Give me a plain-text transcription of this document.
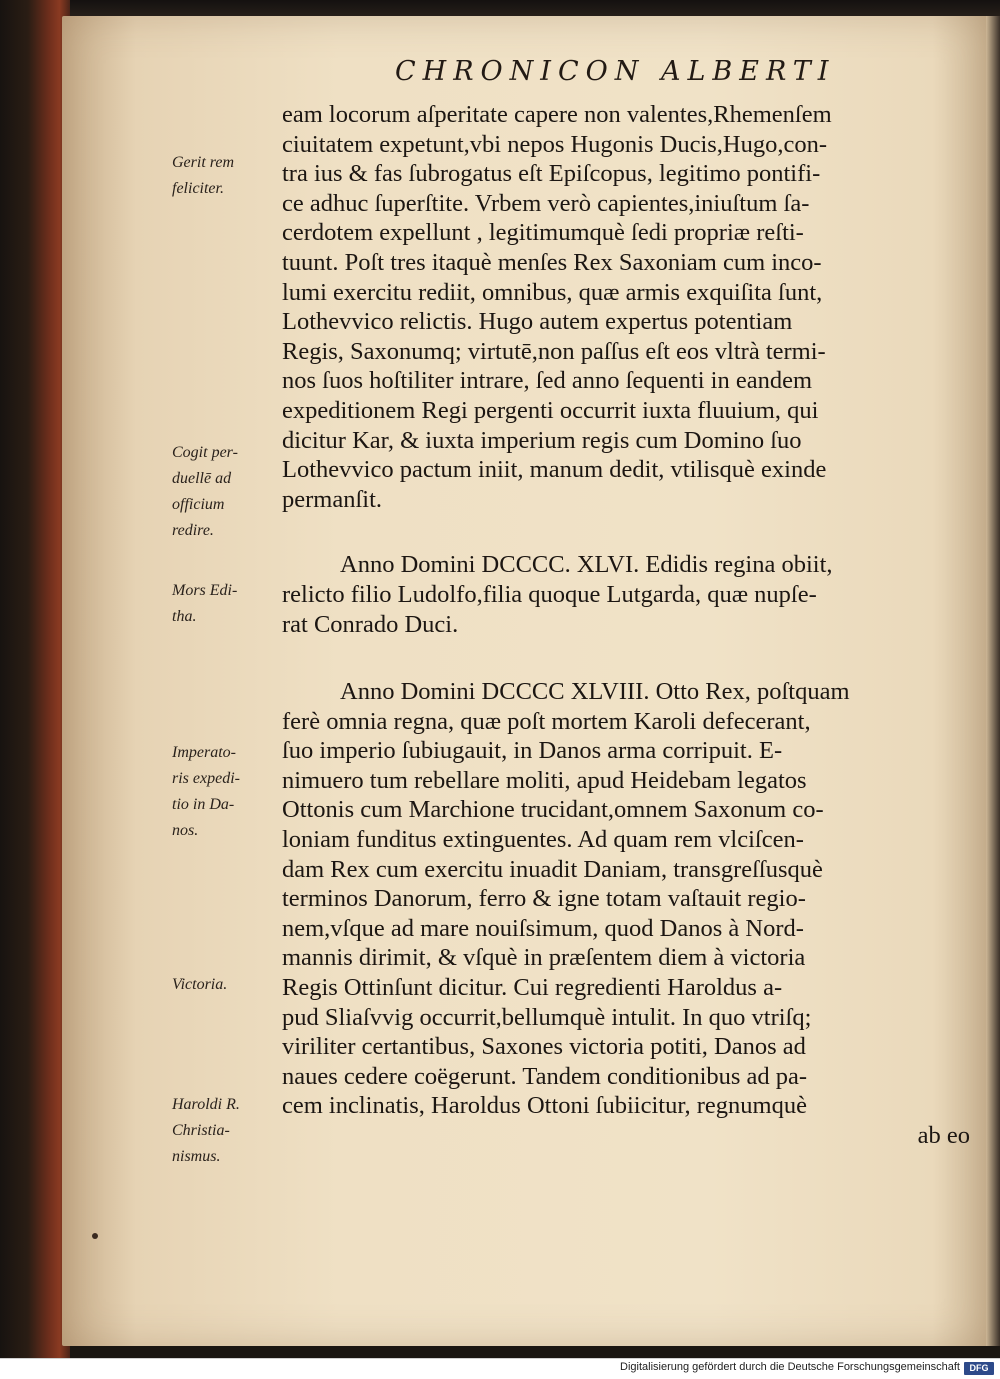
CHRONICON ALBERTI
Gerit rem
feliciter.
Cogit per-
duellē ad
officium
redire.
Mors Edi-
tha.
Imperato-
ris expedi-
tio in Da-
nos.
Victoria.
Haroldi R.
Christia-
nismus.
eam locorum aſperitate capere non valentes,Rhemenſem
ciuitatem expetunt,vbi nepos Hugonis Ducis,Hugo,con-
tra ius & fas ſubrogatus eſt Epiſcopus, legitimo pontifi-
ce adhuc ſuperſtite. Vrbem verò capientes,iniuſtum ſa-
cerdotem expellunt , legitimumquè ſedi propriæ reſti-
tuunt. Poſt tres itaquè menſes Rex Saxoniam cum inco-
lumi exercitu rediit, omnibus, quæ armis exquiſita ſunt,
Lothevvico relictis. Hugo autem expertus potentiam
Regis, Saxonumq; virtutē,non paſſus eſt eos vltrà termi-
nos ſuos hoſtiliter intrare, ſed anno ſequenti in eandem
expeditionem Regi pergenti occurrit iuxta fluuium, qui
dicitur Kar, & iuxta imperium regis cum Domino ſuo
Lothevvico pactum iniit, manum dedit, vtilisquè exinde
permanſit.
Anno Domini DCCCC. XLVI. Edidis regina obiit,
relicto filio Ludolfo,filia quoque Lutgarda, quæ nupſe-
rat Conrado Duci.
Anno Domini DCCCC XLVIII. Otto Rex, poſtquam
ferè omnia regna, quæ poſt mortem Karoli defecerant,
ſuo imperio ſubiugauit, in Danos arma corripuit. E-
nimuero tum rebellare moliti, apud Heidebam legatos
Ottonis cum Marchione trucidant,omnem Saxonum co-
loniam funditus extinguentes. Ad quam rem vlciſcen-
dam Rex cum exercitu inuadit Daniam, transgreſſusquè
terminos Danorum, ferro & igne totam vaſtauit regio-
nem,vſque ad mare nouiſsimum, quod Danos à Nord-
mannis dirimit, & vſquè in præſentem diem à victoria
Regis Ottinſunt dicitur. Cui regredienti Haroldus a-
pud Sliaſvvig occurrit,bellumquè intulit. In quo vtriſq;
viriliter certantibus, Saxones victoria potiti, Danos ad
naues cedere coëgerunt. Tandem conditionibus ad pa-
cem inclinatis, Haroldus Ottoni ſubiicitur, regnumquè
ab eo
Digitalisierung gefördert durch die Deutsche Forschungsgemeinschaft	DFG
